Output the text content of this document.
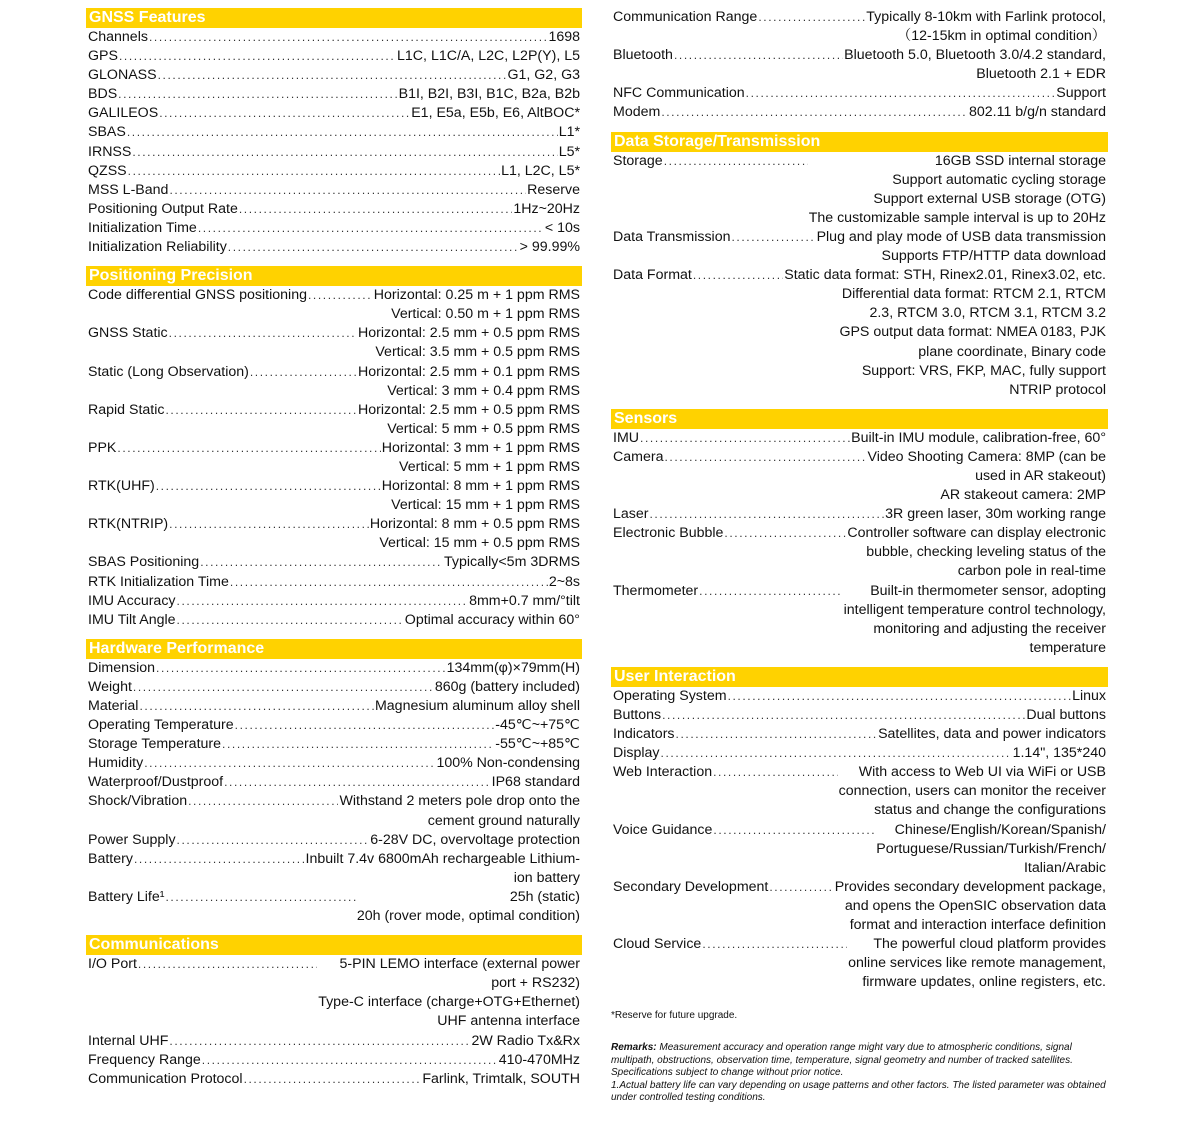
GNSS Features
Channels .....	1698
GPS .....	L1C, L1C/A, L2C, L2P(Y), L5
GLONASS .....	G1, G2, G3
BDS .....	B1I, B2I, B3I, B1C, B2a, B2b
GALILEOS .....	E1, E5a, E5b, E6, AltBOC*
SBAS .....	L1*
IRNSS .....	L5*
QZSS .....	L1, L2C, L5*
MSS L-Band .....	Reserve
Positioning Output Rate .....	1Hz~20Hz
Initialization Time .....	< 10s
Initialization Reliability .....	> 99.99%
Positioning Precision
Code differential GNSS positioning .....	Horizontal: 0.25 m + 1 ppm RMS
Vertical: 0.50 m + 1 ppm RMS
GNSS Static .....	Horizontal: 2.5 mm + 0.5 ppm RMS
Vertical: 3.5 mm + 0.5 ppm RMS
Static (Long Observation) .....	Horizontal: 2.5 mm + 0.1 ppm RMS
Vertical: 3 mm + 0.4 ppm RMS
Rapid Static .....	Horizontal: 2.5 mm + 0.5 ppm RMS
Vertical: 5 mm + 0.5 ppm RMS
PPK .....	Horizontal: 3 mm + 1 ppm RMS
Vertical: 5 mm + 1 ppm RMS
RTK(UHF) .....	Horizontal: 8 mm + 1 ppm RMS
Vertical: 15 mm + 1 ppm RMS
RTK(NTRIP) .....	Horizontal: 8 mm + 0.5 ppm RMS
Vertical: 15 mm + 0.5 ppm RMS
SBAS Positioning .....	Typically<5m 3DRMS
RTK Initialization Time .....	2~8s
IMU Accuracy .....	8mm+0.7 mm/°tilt
IMU Tilt Angle .....	Optimal accuracy within 60°
Hardware Performance
Dimension .....	134mm(φ)×79mm(H)
Weight .....	860g (battery included)
Material .....	Magnesium aluminum alloy shell
Operating Temperature .....	-45℃~+75℃
Storage Temperature .....	-55℃~+85℃
Humidity .....	100% Non-condensing
Waterproof/Dustproof .....	IP68 standard
Shock/Vibration .....	Withstand 2 meters pole drop onto the
cement ground naturally
Power Supply .....	6-28V DC, overvoltage protection
Battery .....	Inbuilt 7.4v 6800mAh rechargeable Lithium-
ion battery
Battery Life¹ .....	25h (static)
20h (rover mode, optimal condition)
Communications
I/O Port .....	5-PIN LEMO interface (external power
port + RS232)
Type-C interface (charge+OTG+Ethernet)
UHF antenna interface
Internal UHF .....	2W Radio Tx&Rx
Frequency Range .....	410-470MHz
Communication Protocol .....	Farlink, Trimtalk, SOUTH
Communication Range .....	Typically 8-10km with Farlink protocol,
（12-15km in optimal condition）
Bluetooth .....	Bluetooth 5.0, Bluetooth 3.0/4.2 standard,
Bluetooth 2.1 + EDR
NFC Communication .....	Support
Modem .....	802.11 b/g/n standard
Data Storage/Transmission
Storage .....	16GB SSD internal storage
Support automatic cycling storage
Support external USB storage (OTG)
The customizable sample interval is up to 20Hz
Data Transmission .....	Plug and play mode of USB data transmission
Supports FTP/HTTP data download
Data Format .....	Static data format: STH, Rinex2.01, Rinex3.02, etc.
Differential data format: RTCM 2.1, RTCM
2.3, RTCM 3.0, RTCM 3.1, RTCM 3.2
GPS output data format: NMEA 0183, PJK
plane coordinate, Binary code
Support: VRS, FKP, MAC, fully support
NTRIP protocol
Sensors
IMU .....	Built-in IMU module, calibration-free, 60°
Camera .....	Video Shooting Camera: 8MP (can be
used in AR stakeout)
AR stakeout camera: 2MP
Laser .....	3R green laser, 30m working range
Electronic Bubble .....	Controller software can display electronic
bubble, checking leveling status of the
carbon pole in real-time
Thermometer .....	Built-in thermometer sensor, adopting
intelligent temperature control technology,
monitoring and adjusting the receiver
temperature
User Interaction
Operating System .....	Linux
Buttons .....	Dual buttons
Indicators .....	Satellites, data and power indicators
Display .....	1.14", 135*240
Web Interaction .....	With access to Web UI via WiFi or USB
connection, users can monitor the receiver
status and change the configurations
Voice Guidance .....	Chinese/English/Korean/Spanish/
Portuguese/Russian/Turkish/French/
Italian/Arabic
Secondary Development .....	Provides secondary development package,
and opens the OpenSIC observation data
format and interaction interface definition
Cloud Service .....	The powerful cloud platform provides
online services like remote management,
firmware updates, online registers, etc.
*Reserve for future upgrade.
Remarks: Measurement accuracy and operation range might vary due to atmospheric conditions, signal multipath, obstructions, observation time, temperature, signal geometry and number of tracked satellites. Specifications subject to change without prior notice.
1.Actual battery life can vary depending on usage patterns and other factors. The listed parameter was obtained under controlled testing conditions.
